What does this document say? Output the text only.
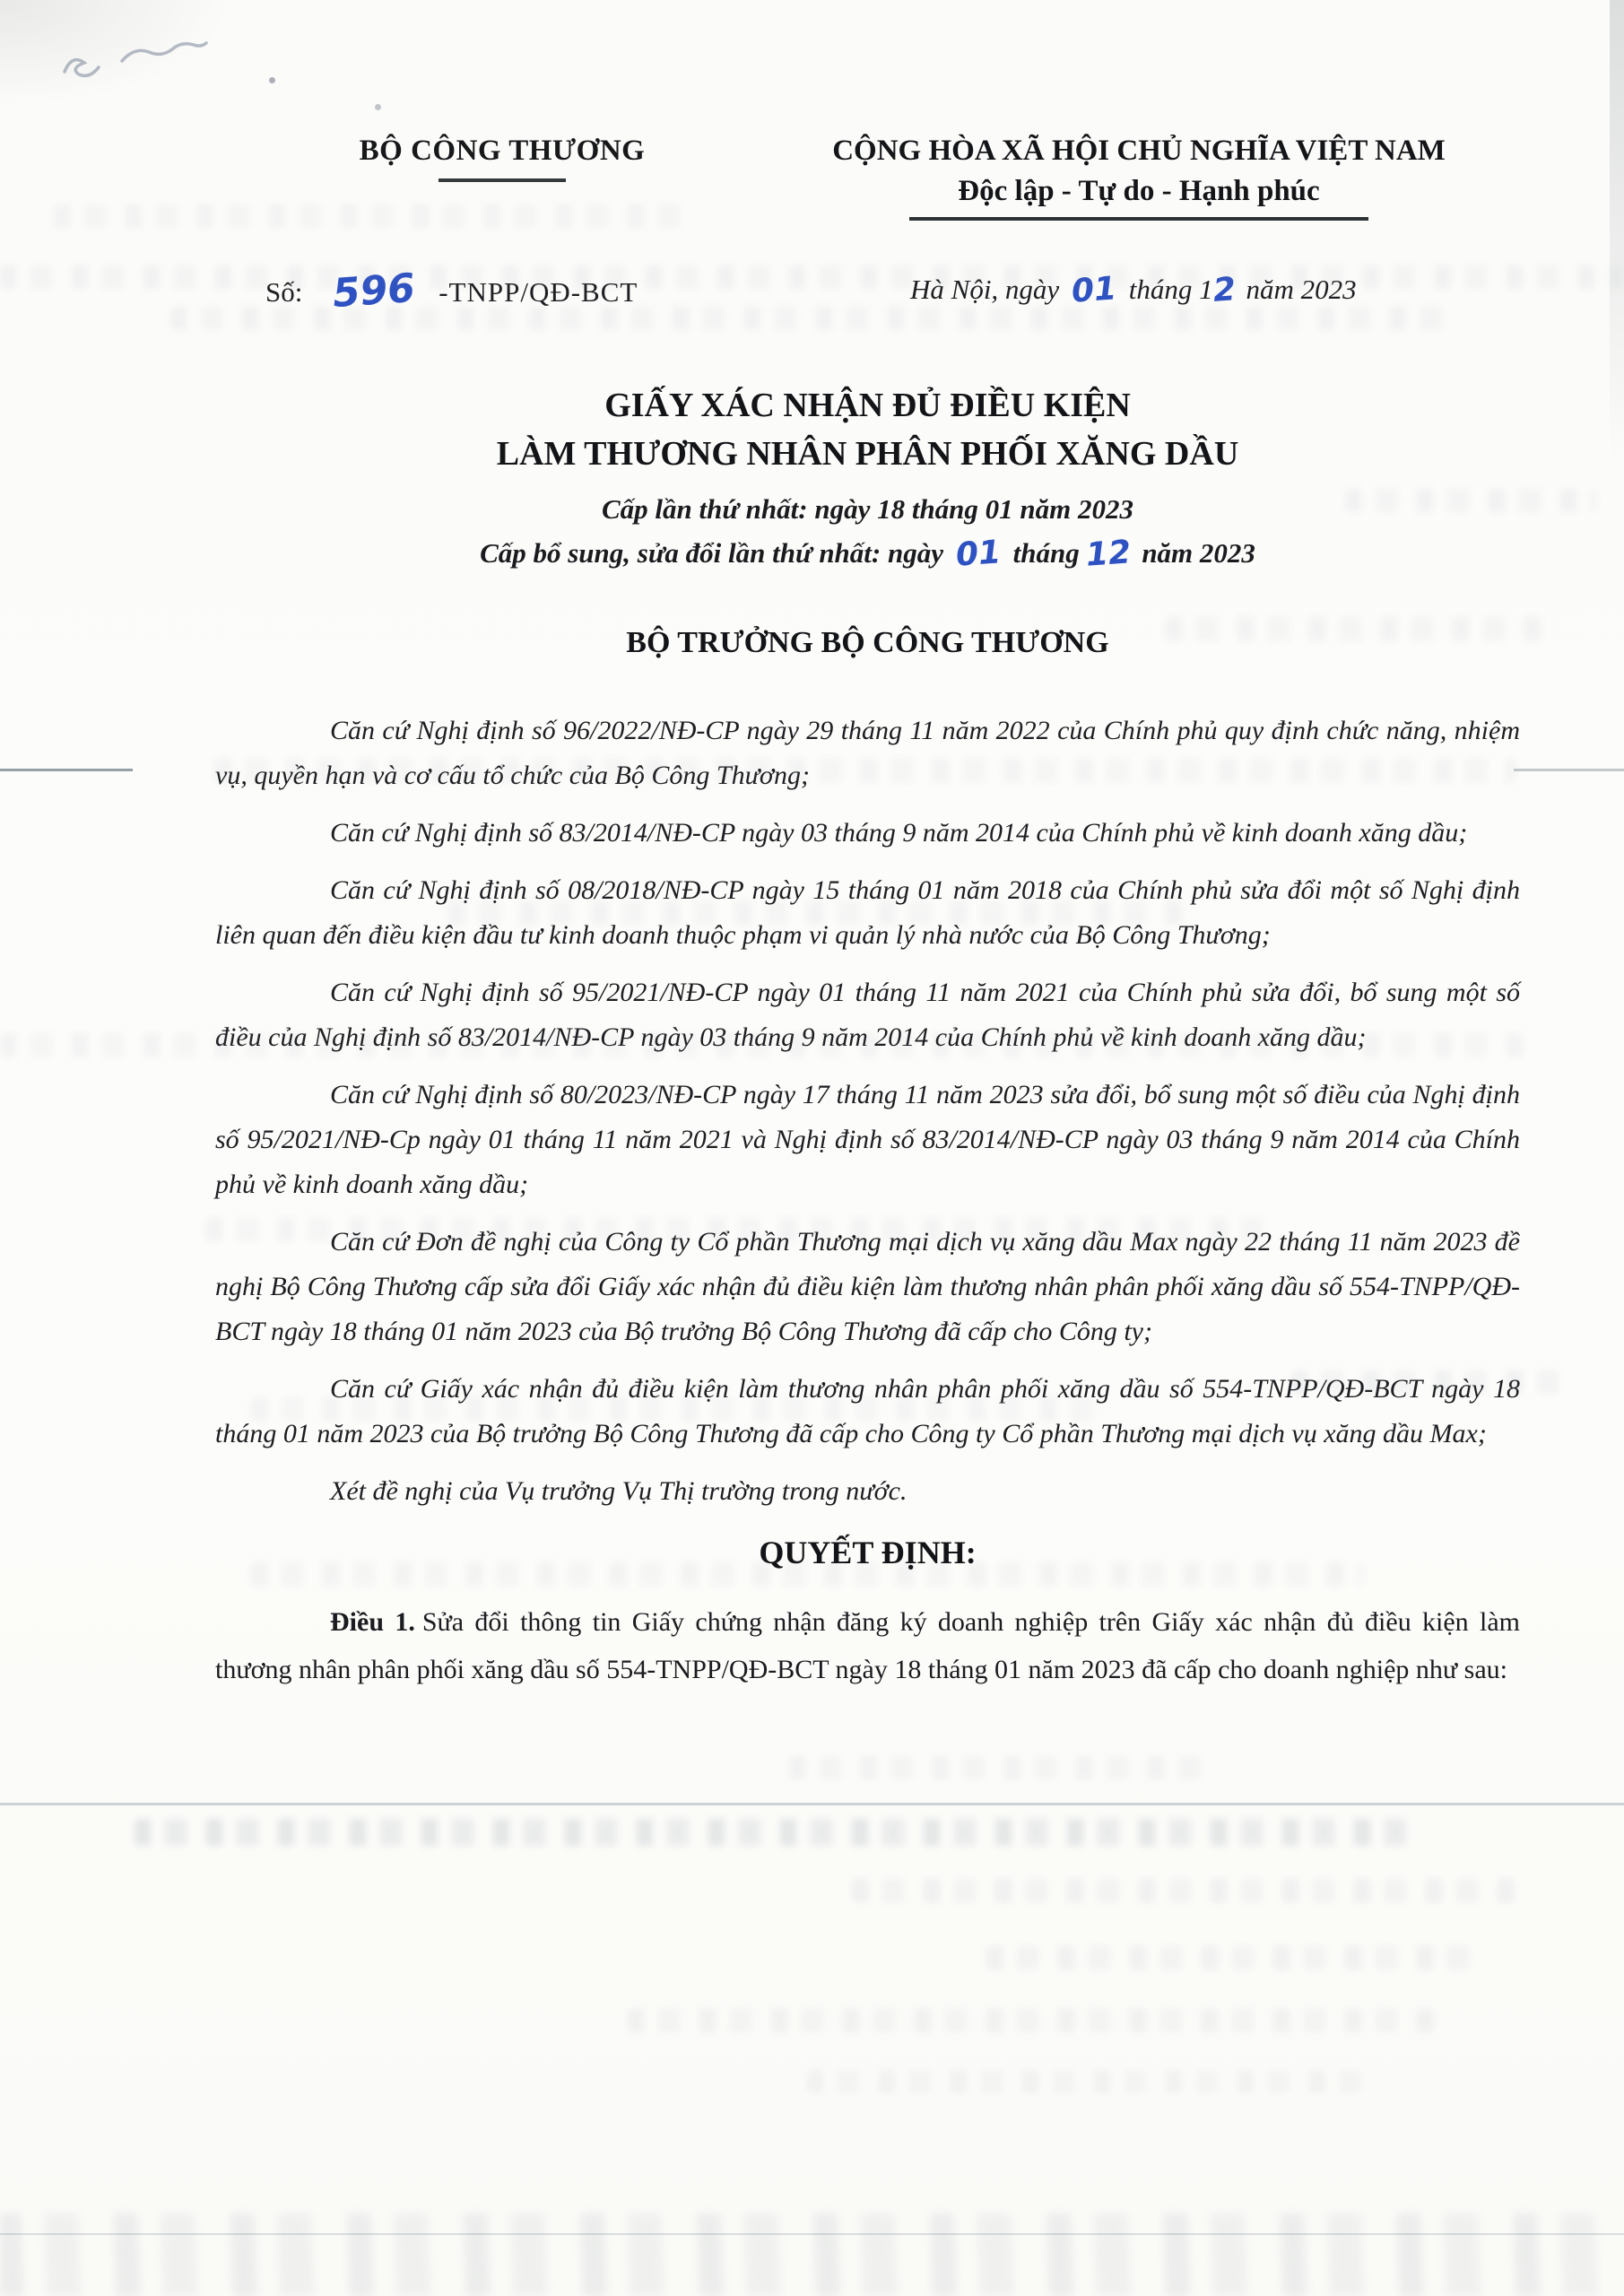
BỘ CÔNG THƯƠNG	CỘNG HÒA XÃ HỘI CHỦ NGHĨA VIỆT NAM
Độc lập - Tự do - Hạnh phúc
Số: 596 -TNPP/QĐ-BCT	Hà Nội, ngày 01 tháng 12 năm 2023
GIẤY XÁC NHẬN ĐỦ ĐIỀU KIỆN
LÀM THƯƠNG NHÂN PHÂN PHỐI XĂNG DẦU
Cấp lần thứ nhất: ngày 18 tháng 01 năm 2023
Cấp bổ sung, sửa đổi lần thứ nhất: ngày 01 tháng 12 năm 2023
BỘ TRƯỞNG BỘ CÔNG THƯƠNG

Căn cứ Nghị định số 96/2022/NĐ-CP ngày 29 tháng 11 năm 2022 của Chính phủ quy định chức năng, nhiệm vụ, quyền hạn và cơ cấu tổ chức của Bộ Công Thương;

Căn cứ Nghị định số 83/2014/NĐ-CP ngày 03 tháng 9 năm 2014 của Chính phủ về kinh doanh xăng dầu;

Căn cứ Nghị định số 08/2018/NĐ-CP ngày 15 tháng 01 năm 2018 của Chính phủ sửa đổi một số Nghị định liên quan đến điều kiện đầu tư kinh doanh thuộc phạm vi quản lý nhà nước của Bộ Công Thương;

Căn cứ Nghị định số 95/2021/NĐ-CP ngày 01 tháng 11 năm 2021 của Chính phủ sửa đổi, bổ sung một số điều của Nghị định số 83/2014/NĐ-CP ngày 03 tháng 9 năm 2014 của Chính phủ về kinh doanh xăng dầu;

Căn cứ Nghị định số 80/2023/NĐ-CP ngày 17 tháng 11 năm 2023 sửa đổi, bổ sung một số điều của Nghị định số 95/2021/NĐ-Cp ngày 01 tháng 11 năm 2021 và Nghị định số 83/2014/NĐ-CP ngày 03 tháng 9 năm 2014 của Chính phủ về kinh doanh xăng dầu;

Căn cứ Đơn đề nghị của Công ty Cổ phần Thương mại dịch vụ xăng dầu Max ngày 22 tháng 11 năm 2023 đề nghị Bộ Công Thương cấp sửa đổi Giấy xác nhận đủ điều kiện làm thương nhân phân phối xăng dầu số 554-TNPP/QĐ-BCT ngày 18 tháng 01 năm 2023 của Bộ trưởng Bộ Công Thương đã cấp cho Công ty;

Căn cứ Giấy xác nhận đủ điều kiện làm thương nhân phân phối xăng dầu số 554-TNPP/QĐ-BCT ngày 18 tháng 01 năm 2023 của Bộ trưởng Bộ Công Thương đã cấp cho Công ty Cổ phần Thương mại dịch vụ xăng dầu Max;

Xét đề nghị của Vụ trưởng Vụ Thị trường trong nước.

QUYẾT ĐỊNH:

Điều 1. Sửa đổi thông tin Giấy chứng nhận đăng ký doanh nghiệp trên Giấy xác nhận đủ điều kiện làm thương nhân phân phối xăng dầu số 554-TNPP/QĐ-BCT ngày 18 tháng 01 năm 2023 đã cấp cho doanh nghiệp như sau:
